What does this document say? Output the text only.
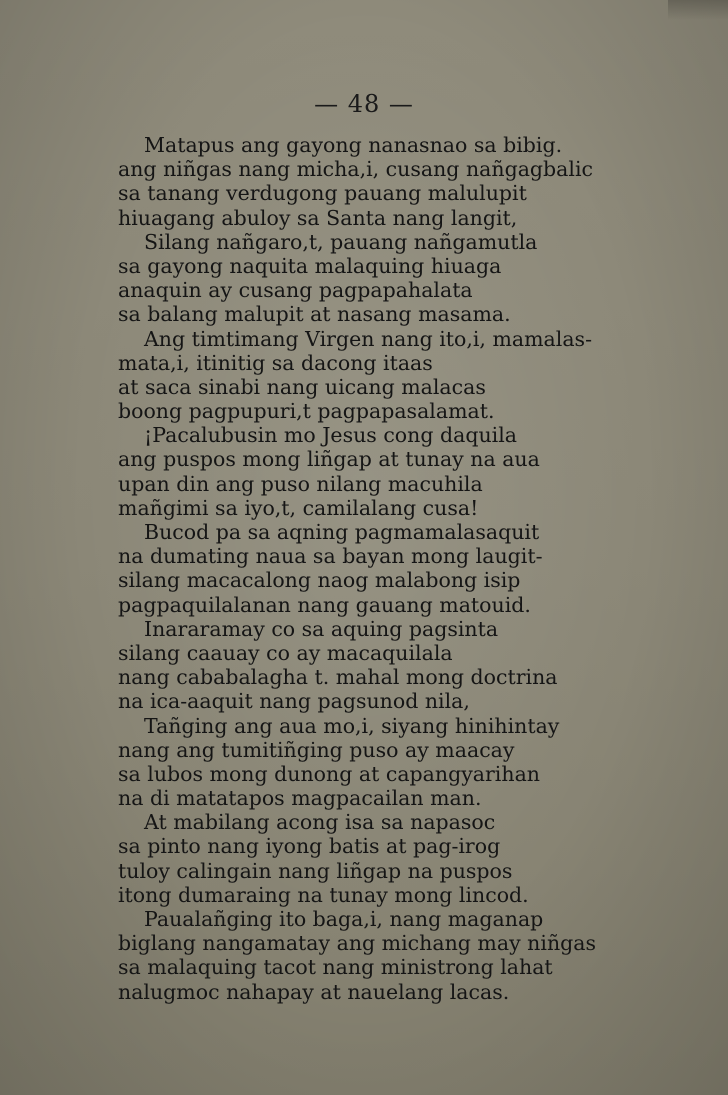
— 48 —
Matapus ang gayong nanasnao sa bibig.
ang niñgas nang micha,i, cusang nañgagbalic
sa tanang verdugong pauang malulupit
hiuagang abuloy sa Santa nang langit,
Silang nañgaro,t, pauang nañgamutla
sa gayong naquita malaquing hiuaga
anaquin ay cusang pagpapahalata
sa balang malupit at nasang masama.
Ang timtimang Virgen nang ito,i, mamalas-
mata,i, itinitig sa dacong itaas
at saca sinabi nang uicang malacas
boong pagpupuri,t pagpapasalamat.
¡Pacalubusin mo Jesus cong daquila
ang puspos mong liñgap at tunay na aua
upan din ang puso nilang macuhila
mañgimi sa iyo,t, camilalang cusa!
Bucod pa sa aqning pagmamalasaquit
na dumating naua sa bayan mong laugit-
silang macacalong naog malabong isip
pagpaquilalanan nang gauang matouid.
Inararamay co sa aquing pagsinta
silang caauay co ay macaquilala
nang cababalagha t. mahal mong doctrina
na ica-aaquit nang pagsunod nila,
Tañging ang aua mo,i, siyang hinihintay
nang ang tumitiñging puso ay maacay
sa lubos mong dunong at capangyarihan
na di matatapos magpacailan man.
At mabilang acong isa sa napasoc
sa pinto nang iyong batis at pag-irog
tuloy calingain nang liñgap na puspos
itong dumaraing na tunay mong lincod.
Paualañging ito baga,i, nang maganap
biglang nangamatay ang michang may niñgas
sa malaquing tacot nang ministrong lahat
nalugmoc nahapay at nauelang lacas.
